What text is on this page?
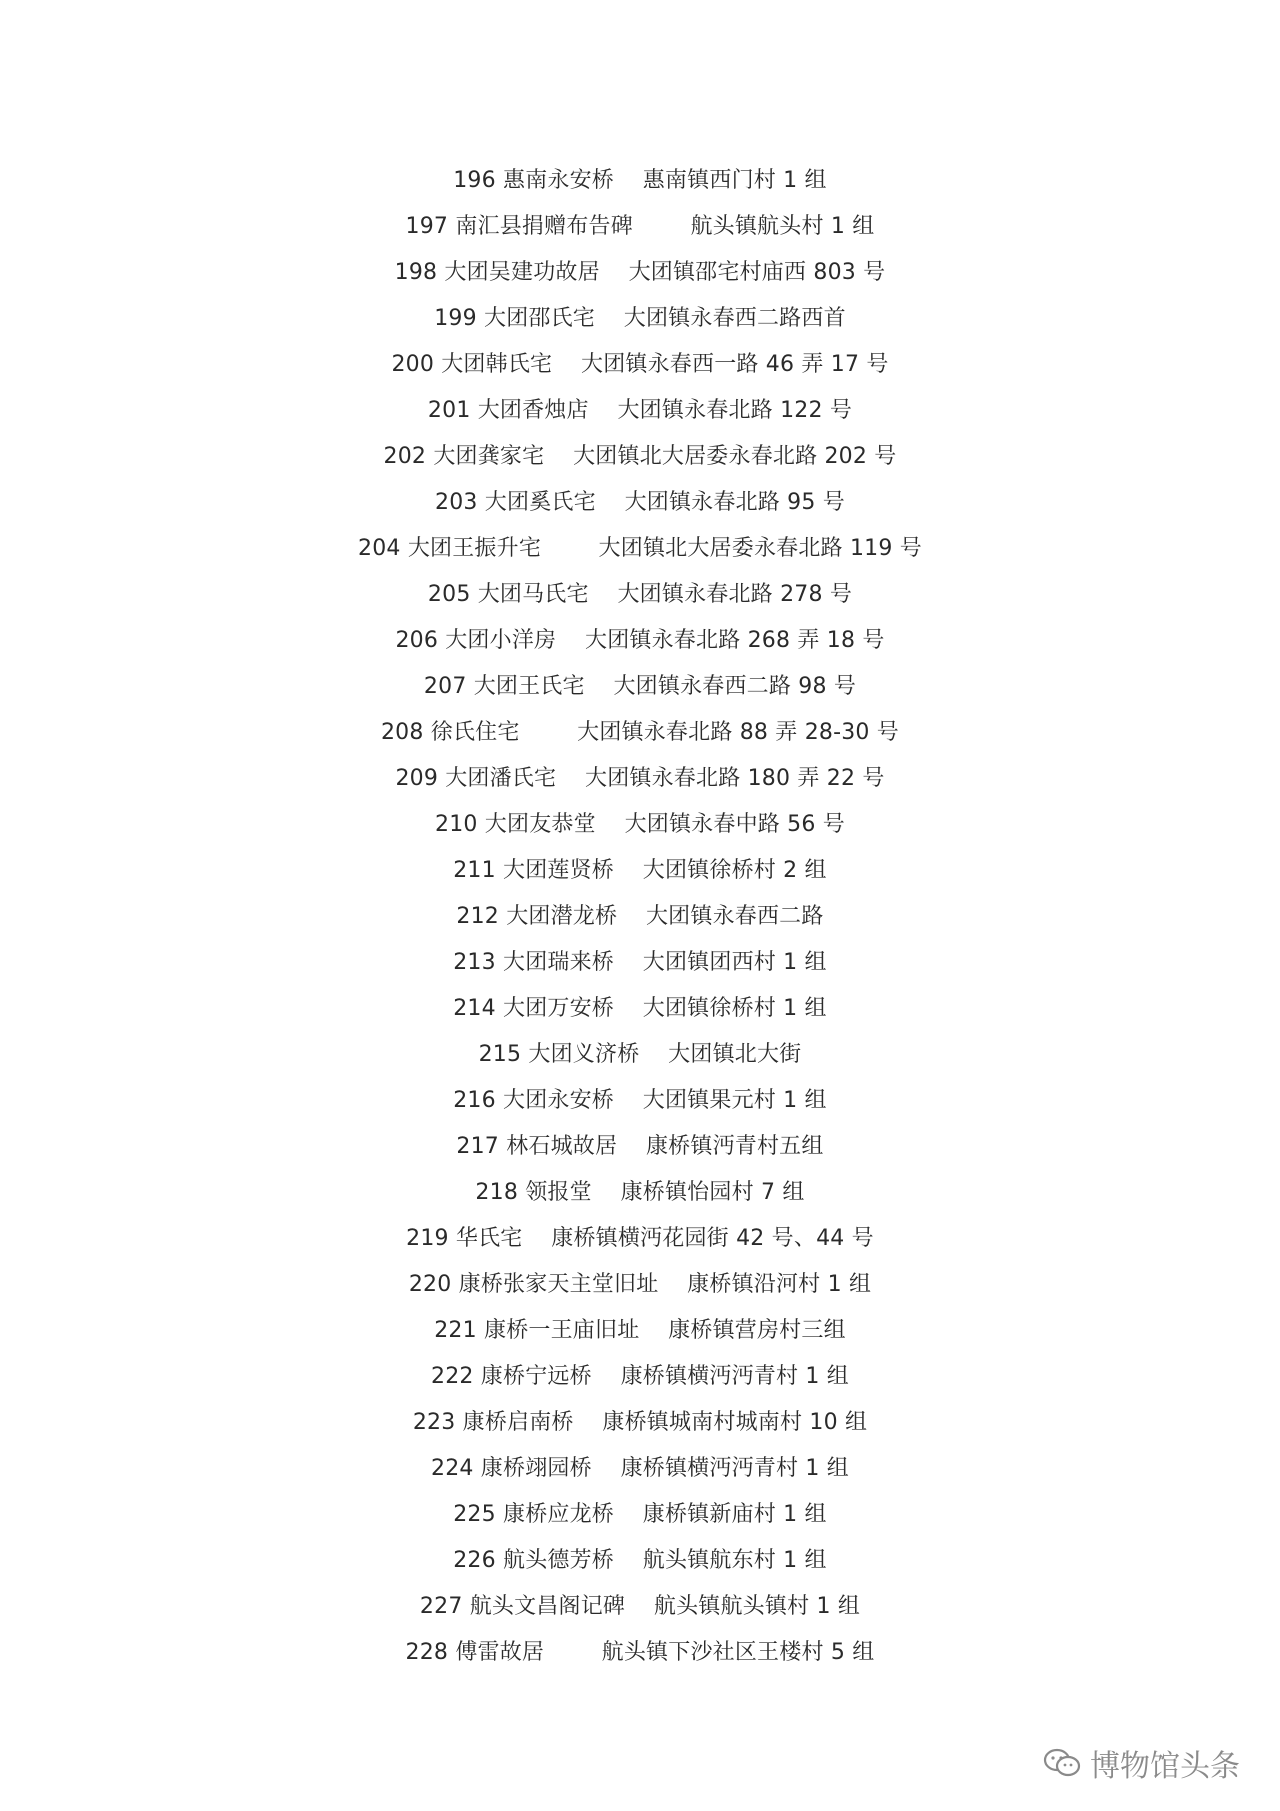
196 惠南永安桥    惠南镇西门村 1 组
197 南汇县捐赠布告碑        航头镇航头村 1 组
198 大团吴建功故居    大团镇邵宅村庙西 803 号
199 大团邵氏宅    大团镇永春西二路西首
200 大团韩氏宅    大团镇永春西一路 46 弄 17 号
201 大团香烛店    大团镇永春北路 122 号
202 大团龚家宅    大团镇北大居委永春北路 202 号
203 大团奚氏宅    大团镇永春北路 95 号
204 大团王振升宅        大团镇北大居委永春北路 119 号
205 大团马氏宅    大团镇永春北路 278 号
206 大团小洋房    大团镇永春北路 268 弄 18 号
207 大团王氏宅    大团镇永春西二路 98 号
208 徐氏住宅        大团镇永春北路 88 弄 28-30 号
209 大团潘氏宅    大团镇永春北路 180 弄 22 号
210 大团友恭堂    大团镇永春中路 56 号
211 大团莲贤桥    大团镇徐桥村 2 组
212 大团潜龙桥    大团镇永春西二路
213 大团瑞来桥    大团镇团西村 1 组
214 大团万安桥    大团镇徐桥村 1 组
215 大团义济桥    大团镇北大街
216 大团永安桥    大团镇果元村 1 组
217 林石城故居    康桥镇沔青村五组
218 领报堂    康桥镇怡园村 7 组
219 华氏宅    康桥镇横沔花园街 42 号、44 号
220 康桥张家天主堂旧址    康桥镇沿河村 1 组
221 康桥一王庙旧址    康桥镇营房村三组
222 康桥宁远桥    康桥镇横沔沔青村 1 组
223 康桥启南桥    康桥镇城南村城南村 10 组
224 康桥翊园桥    康桥镇横沔沔青村 1 组
225 康桥应龙桥    康桥镇新庙村 1 组
226 航头德芳桥    航头镇航东村 1 组
227 航头文昌阁记碑    航头镇航头镇村 1 组
228 傅雷故居        航头镇下沙社区王楼村 5 组
博物馆头条
